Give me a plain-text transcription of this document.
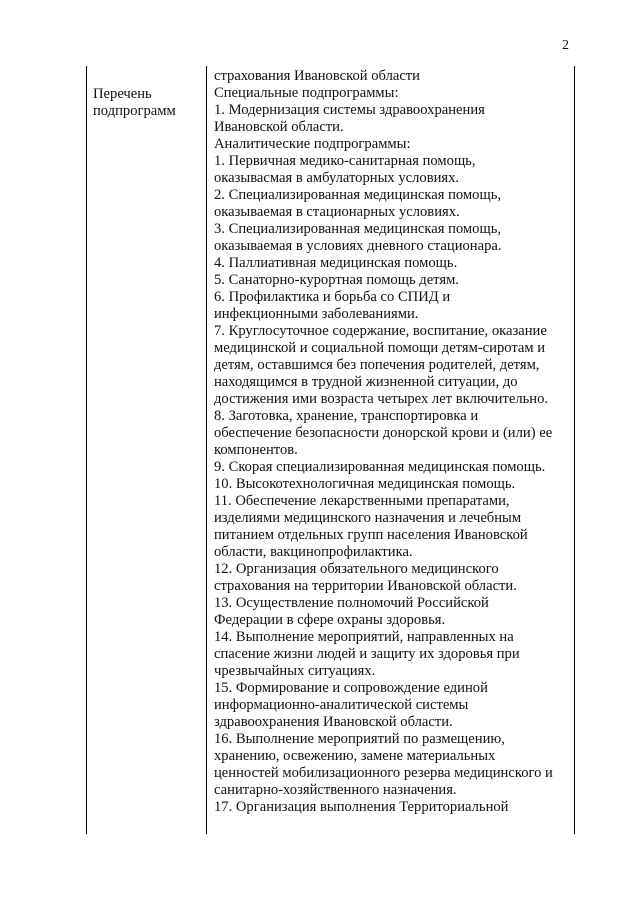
2
Перечень
подпрограмм
страхования Ивановской области
Специальные подпрограммы:
1. Модернизация системы здравоохранения
Ивановской области.
Аналитические подпрограммы:
1. Первичная медико-санитарная помощь,
оказывасмая в амбулаторных условиях.
2. Специализированная медицинская помощь,
оказываемая в стационарных условиях.
3. Специализированная медицинская помощь,
оказываемая в условиях дневного стационара.
4. Паллиативная медицинская помощь.
5. Санаторно-курортная помощь детям.
6. Профилактика и борьба со СПИД и
инфекционными заболеваниями.
7. Круглосуточное содержание, воспитание, оказание
медицинской и социальной помощи детям-сиротам и
детям, оставшимся без попечения родителей, детям,
находящимся в трудной жизненной ситуации, до
достижения ими возраста четырех лет включительно.
8. Заготовка, хранение, транспортировка и
обеспечение безопасности донорской крови и (или) ее
компонентов.
9. Скорая специализированная медицинская помощь.
10. Высокотехнологичная медицинская помощь.
11. Обеспечение лекарственными препаратами,
изделиями медицинского назначения и лечебным
питанием отдельных групп населения Ивановской
области, вакцинопрофилактика.
12. Организация обязательного медицинского
страхования на территории Ивановской области.
13. Осуществление полномочий Российской
Федерации в сфере охраны здоровья.
14. Выполнение мероприятий, направленных на
спасение жизни людей и защиту их здоровья при
чрезвычайных ситуациях.
15. Формирование и сопровождение единой
информационно-аналитической системы
здравоохранения Ивановской области.
16. Выполнение мероприятий по размещению,
хранению, освежению, замене материальных
ценностей мобилизационного резерва медицинского и
санитарно-хозяйственного назначения.
17. Организация выполнения Территориальной
